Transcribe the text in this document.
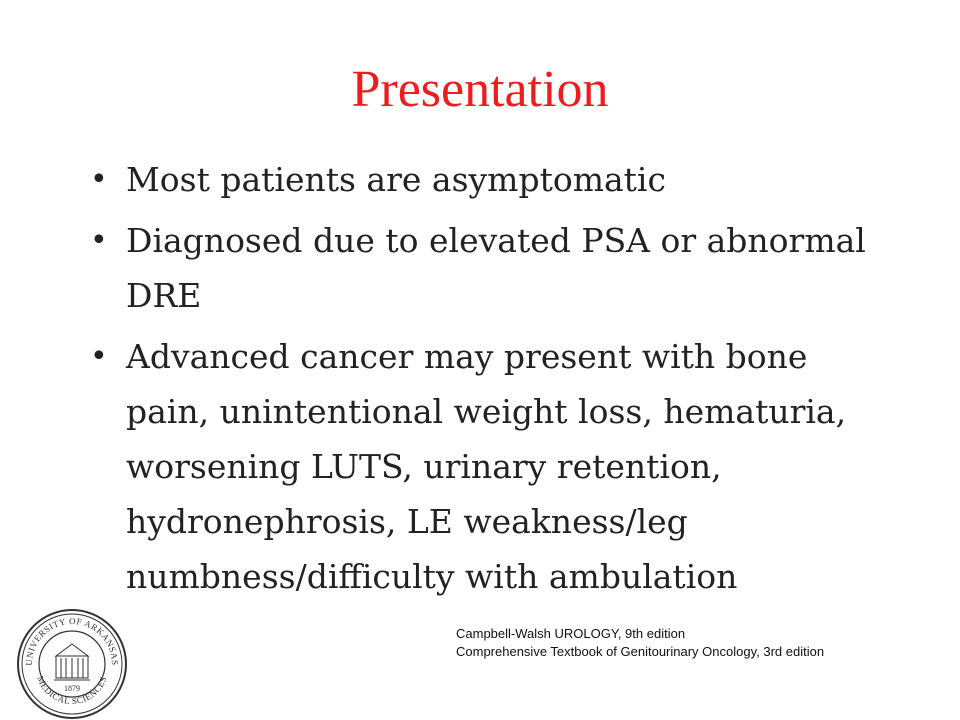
Presentation
• Most patients are asymptomatic
• Diagnosed due to elevated PSA or abnormal DRE
• Advanced cancer may present with bone pain, unintentional weight loss, hematuria, worsening LUTS, urinary retention, hydronephrosis, LE weakness/leg numbness/difficulty with ambulation
UNIVERSITY OF ARKANSAS
MEDICAL SCIENCES
1879
Campbell-Walsh UROLOGY, 9th edition
Comprehensive Textbook of Genitourinary Oncology, 3rd edition
